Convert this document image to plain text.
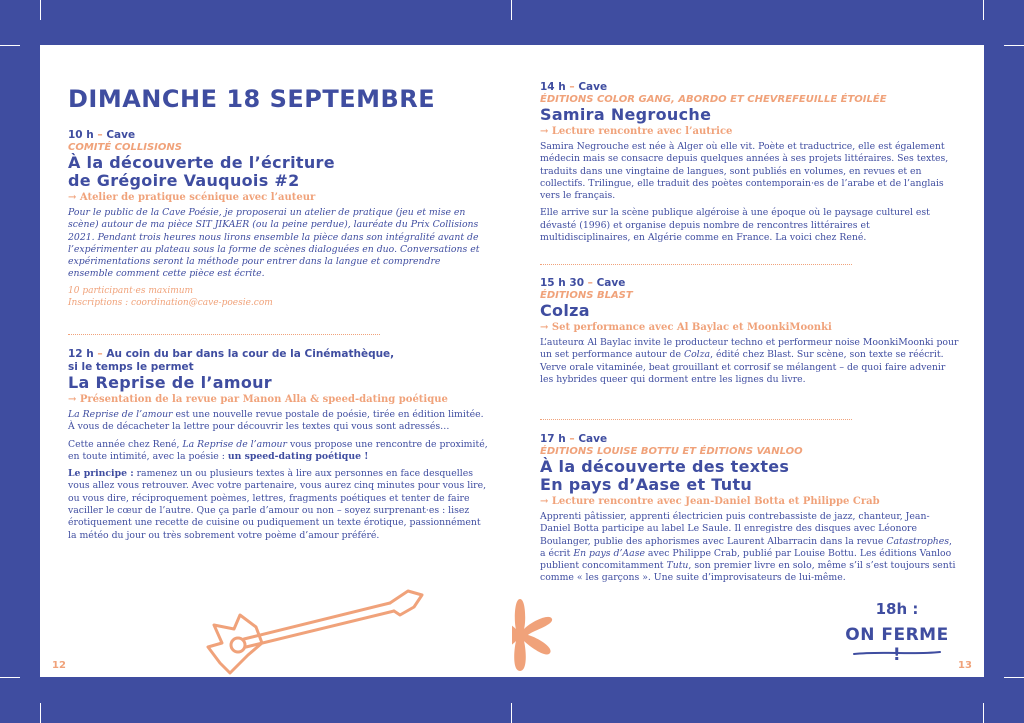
DIMANCHE 18 SEPTEMBRE
10 h – Cave
COMITÉ COLLISIONS
À la découverte de l’écriture
de Grégoire Vauquois #2
→ Atelier de pratique scénique avec l’auteur
Pour le public de la Cave Poésie, je proposerai un atelier de pratique (jeu et mise en scène) autour de ma pièce SIT JIKAER (ou la peine perdue), lauréate du Prix Collisions 2021. Pendant trois heures nous lirons ensemble la pièce dans son intégralité avant de l’expérimenter au plateau sous la forme de scènes dialoguées en duo. Conversations et expérimentations seront la méthode pour entrer dans la langue et comprendre ensemble comment cette pièce est écrite.
10 participant·es maximum
Inscriptions : coordination@cave-poesie.com
12 h – Au coin du bar dans la cour de la Cinémathèque,
si le temps le permet
La Reprise de l’amour
→ Présentation de la revue par Manon Alla & speed-dating poétique

La Reprise de l’amour est une nouvelle revue postale de poésie, tirée en édition limitée. À vous de décacheter la lettre pour découvrir les textes qui vous sont adressés…

Cette année chez René, La Reprise de l’amour vous propose une rencontre de proximité, en toute intimité, avec la poésie : un speed-dating poétique !

Le principe : ramenez un ou plusieurs textes à lire aux personnes en face desquelles vous allez vous retrouver. Avec votre partenaire, vous aurez cinq minutes pour vous lire, ou vous dire, réciproquement poèmes, lettres, fragments poétiques et tenter de faire vaciller le cœur de l’autre. Que ça parle d’amour ou non – soyez surprenant·es : lisez érotiquement une recette de cuisine ou pudiquement un texte érotique, passionnément la météo du jour ou très sobrement votre poème d’amour préféré.

12
14 h – Cave
ÉDITIONS COLOR GANG, ABORDO ET CHEVREFEUILLE ÉTOILÉE
Samira Negrouche
→ Lecture rencontre avec l’autrice

Samira Negrouche est née à Alger où elle vit. Poète et traductrice, elle est également médecin mais se consacre depuis quelques années à ses projets littéraires. Ses textes, traduits dans une vingtaine de langues, sont publiés en volumes, en revues et en collectifs. Trilingue, elle traduit des poètes contemporain·es de l’arabe et de l’anglais vers le français.

Elle arrive sur la scène publique algéroise à une époque où le paysage culturel est dévasté (1996) et organise depuis nombre de rencontres littéraires et multidisciplinaires, en Algérie comme en France. La voici chez René.

15 h 30 – Cave
ÉDITIONS BLAST
Colza
→ Set performance avec Al Baylac et MoonkiMoonki

L’auteurα Al Baylac invite le producteur techno et performeur noise MoonkiMoonki pour un set performance autour de Colza, édité chez Blast. Sur scène, son texte se réécrit. Verve orale vitaminée, beat grouillant et corrosif se mélangent – de quoi faire advenir les hybrides queer qui dorment entre les lignes du livre.

17 h – Cave
ÉDITIONS LOUISE BOTTU ET ÉDITIONS VANLOO
À la découverte des textes
En pays d’Aase et Tutu
→ Lecture rencontre avec Jean-Daniel Botta et Philippe Crab

Apprenti pâtissier, apprenti électricien puis contrebassiste de jazz, chanteur, Jean-Daniel Botta participe au label Le Saule. Il enregistre des disques avec Léonore Boulanger, publie des aphorismes avec Laurent Albarracin dans la revue Catastrophes, a écrit En pays d’Aase avec Philippe Crab, publié par Louise Bottu. Les éditions Vanloo publient concomitamment Tutu, son premier livre en solo, même s’il s’est toujours senti comme « les garçons ». Une suite d’improvisateurs de lui-même.

18h :
ON FERME !
13
